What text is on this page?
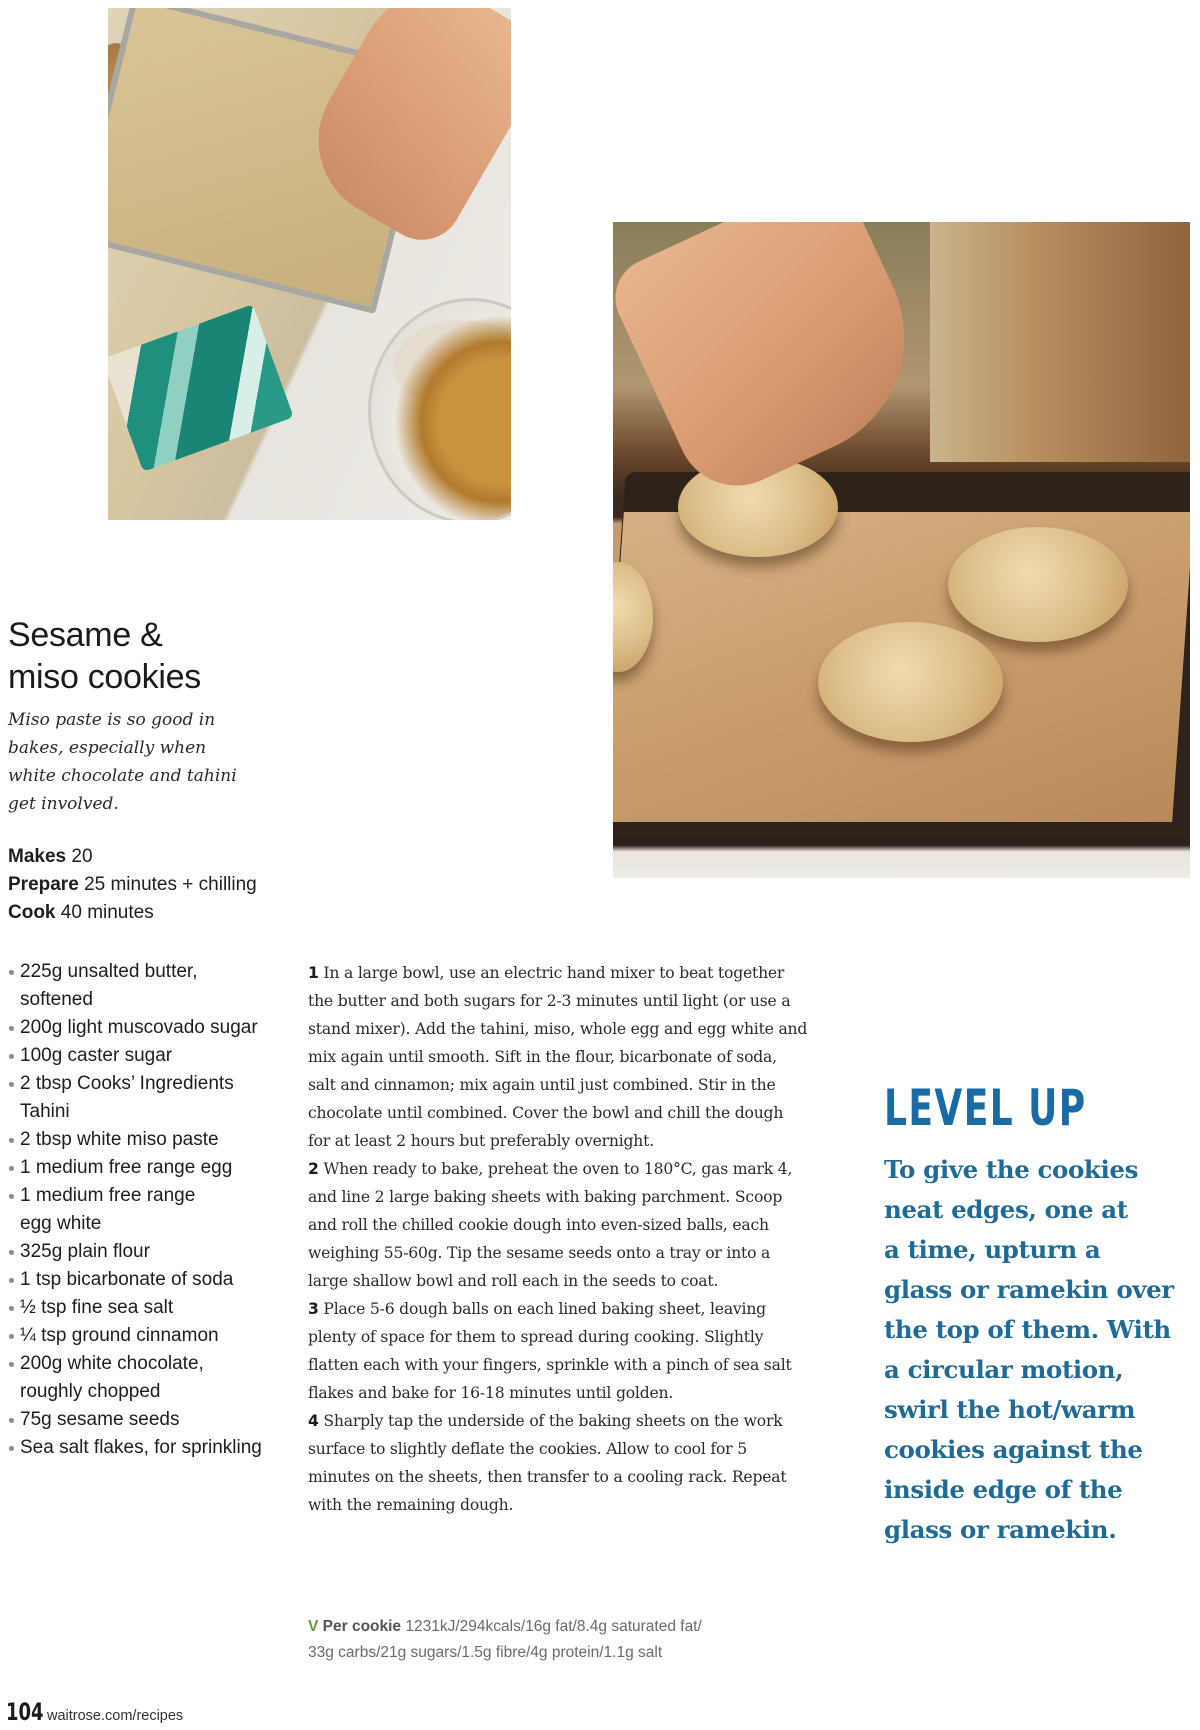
Sesame &
miso cookies
Miso paste is so good in
bakes, especially when
white chocolate and tahini
get involved.
Makes 20
Prepare 25 minutes + chilling
Cook 40 minutes
225g unsalted butter, softened
200g light muscovado sugar
100g caster sugar
2 tbsp Cooks’ Ingredients Tahini
2 tbsp white miso paste
1 medium free range egg
1 medium free range egg white
325g plain flour
1 tsp bicarbonate of soda
½ tsp fine sea salt
¼ tsp ground cinnamon
200g white chocolate, roughly chopped
75g sesame seeds
Sea salt flakes, for sprinkling

1 In a large bowl, use an electric hand mixer to beat together the butter and both sugars for 2-3 minutes until light (or use a stand mixer). Add the tahini, miso, whole egg and egg white and mix again until smooth. Sift in the flour, bicarbonate of soda, salt and cinnamon; mix again until just combined. Stir in the chocolate until combined. Cover the bowl and chill the dough for at least 2 hours but preferably overnight.

2 When ready to bake, preheat the oven to 180°C, gas mark 4, and line 2 large baking sheets with baking parchment. Scoop and roll the chilled cookie dough into even-sized balls, each weighing 55-60g. Tip the sesame seeds onto a tray or into a large shallow bowl and roll each in the seeds to coat.

3 Place 5-6 dough balls on each lined baking sheet, leaving plenty of space for them to spread during cooking. Slightly flatten each with your fingers, sprinkle with a pinch of sea salt flakes and bake for 16-18 minutes until golden.

4 Sharply tap the underside of the baking sheets on the work surface to slightly deflate the cookies. Allow to cool for 5 minutes on the sheets, then transfer to a cooling rack. Repeat with the remaining dough.

V Per cookie 1231kJ/294kcals/16g fat/8.4g saturated fat/
33g carbs/21g sugars/1.5g fibre/4g protein/1.1g salt
LEVEL UP
To give the cookies
neat edges, one at
a time, upturn a
glass or ramekin over
the top of them. With
a circular motion,
swirl the hot/warm
cookies against the
inside edge of the
glass or ramekin.
104 waitrose.com/recipes
